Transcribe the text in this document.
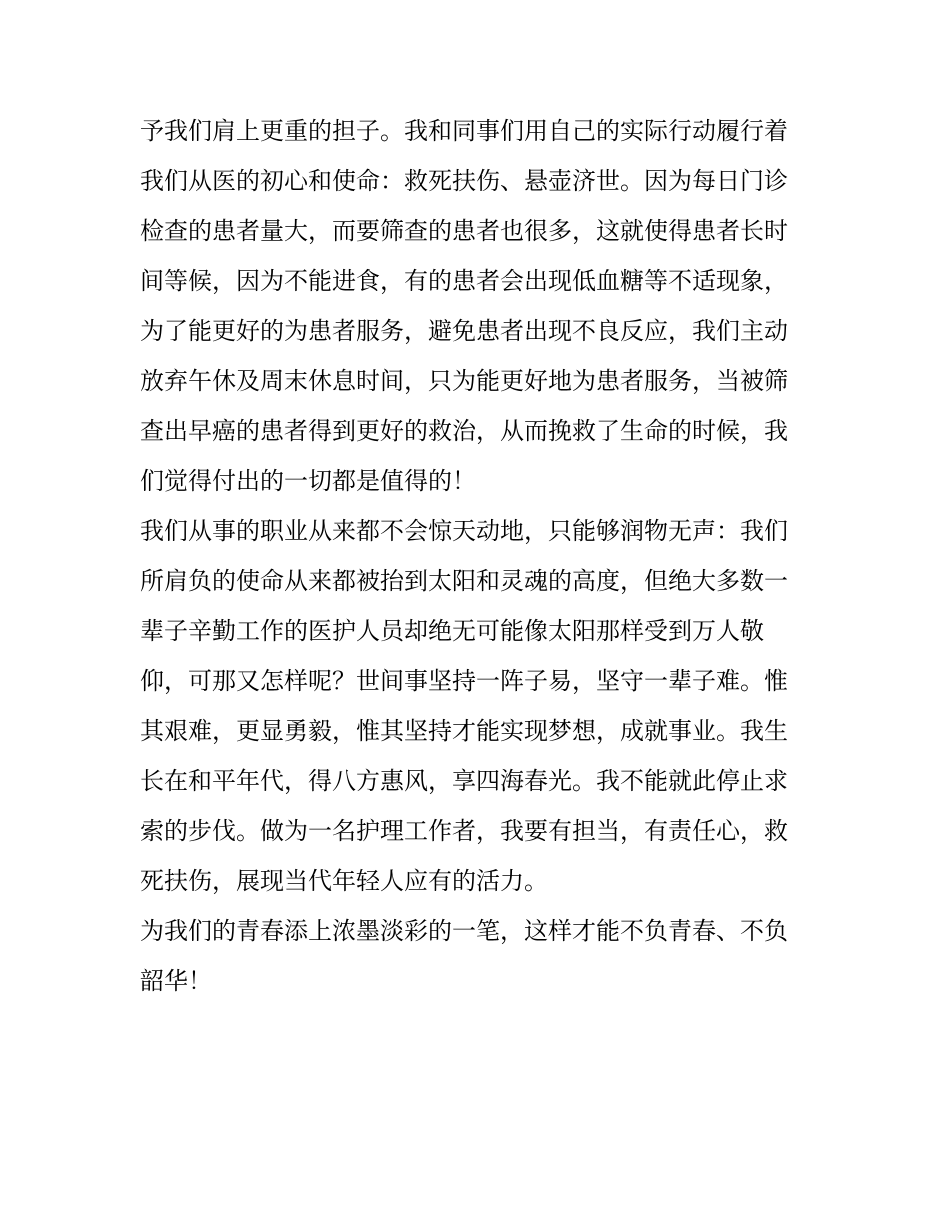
予我们肩上更重的担子。我和同事们用自己的实际行动履行着
我们从医的初心和使命：救死扶伤、悬壶济世。因为每日门诊
检查的患者量大，而要筛查的患者也很多，这就使得患者长时
间等候，因为不能进食，有的患者会出现低血糖等不适现象，
为了能更好的为患者服务，避免患者出现不良反应，我们主动
放弃午休及周末休息时间，只为能更好地为患者服务，当被筛
查出早癌的患者得到更好的救治，从而挽救了生命的时候，我
们觉得付出的一切都是值得的！
我们从事的职业从来都不会惊天动地，只能够润物无声：我们
所肩负的使命从来都被抬到太阳和灵魂的高度，但绝大多数一
辈子辛勤工作的医护人员却绝无可能像太阳那样受到万人敬
仰，可那又怎样呢？世间事坚持一阵子易，坚守一辈子难。惟
其艰难，更显勇毅，惟其坚持才能实现梦想，成就事业。我生
长在和平年代，得八方惠风，享四海春光。我不能就此停止求
索的步伐。做为一名护理工作者，我要有担当，有责任心，救
死扶伤，展现当代年轻人应有的活力。
为我们的青春添上浓墨淡彩的一笔，这样才能不负青春、不负
韶华！
